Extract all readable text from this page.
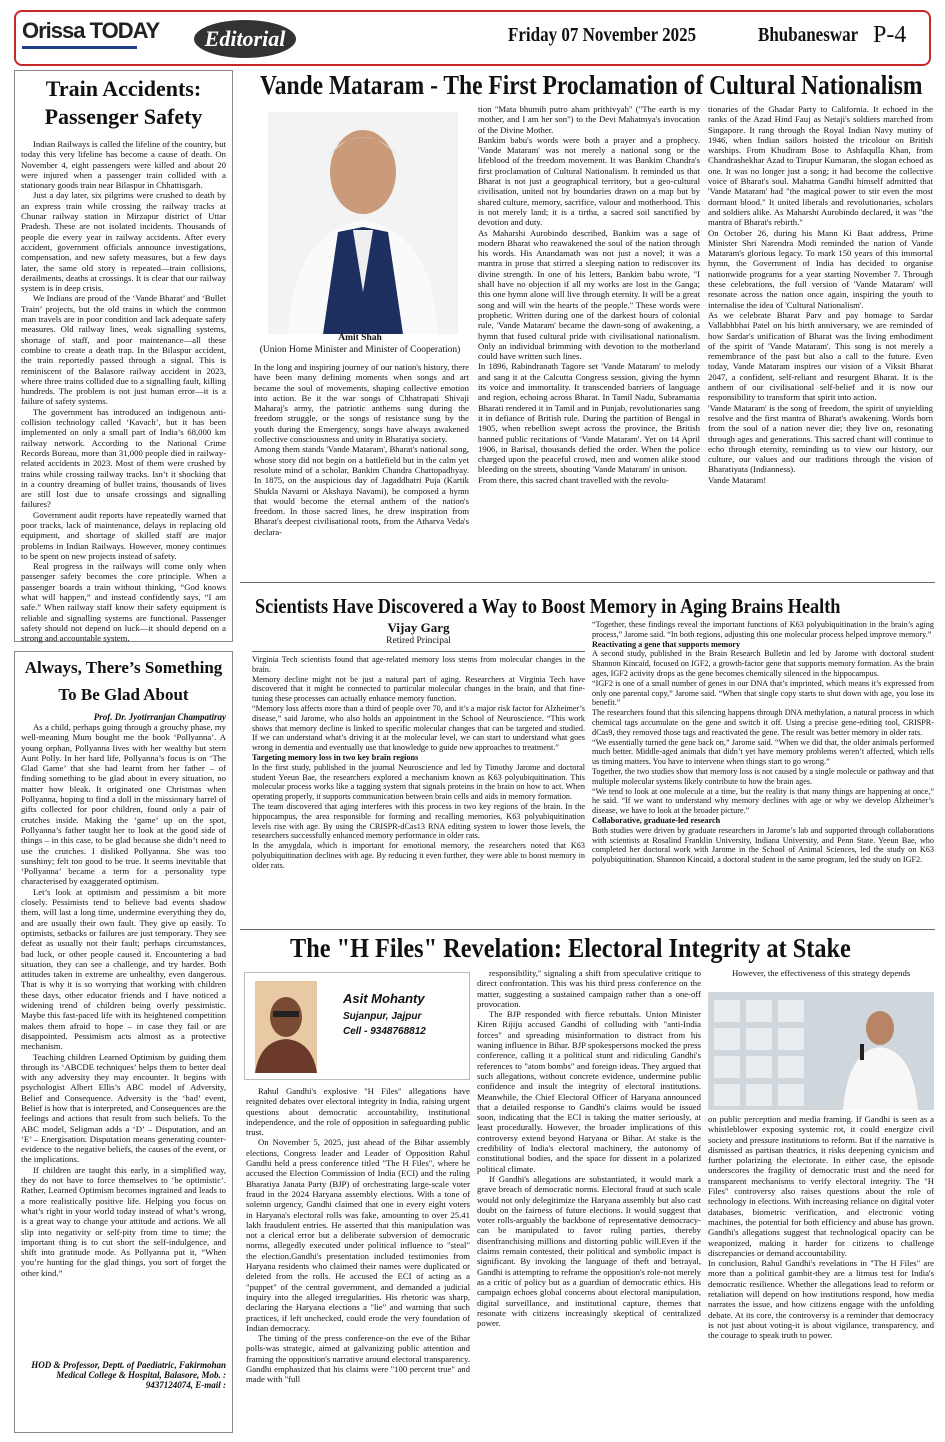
Orissa TODAY	Editorial	Friday 07 November 2025	Bhubaneswar P-4
Train Accidents:
Passenger Safety

Indian Railways is called the lifeline of the country, but today this very lifeline has become a cause of death. On November 4, eight passengers were killed and about 20 were injured when a passenger train collided with a stationary goods train near Bilaspur in Chhattisgarh.

Just a day later, six pilgrims were crushed to death by an express train while crossing the railway tracks at Chunar railway station in Mirzapur district of Uttar Pradesh. These are not isolated incidents. Thousands of people die every year in railway accidents. After every accident, government officials announce investigations, compensation, and new safety measures, but a few days later, the same old story is repeated—train collisions, derailments, deaths at crossings. It is clear that our railway system is in deep crisis.

We Indians are proud of the ‘Vande Bharat’ and ‘Bullet Train’ projects, but the old trains in which the common man travels are in poor condition and lack adequate safety measures. Old railway lines, weak signalling systems, shortage of staff, and poor maintenance—all these combine to create a death trap. In the Bilaspur accident, the train reportedly passed through a signal. This is reminiscent of the Balasore railway accident in 2023, where three trains collided due to a signalling fault, killing hundreds. The problem is not just human error—it is a failure of safety systems.

The government has introduced an indigenous anti-collision technology called ‘Kavach’, but it has been implemented on only a small part of India’s 68,000 km railway network. According to the National Crime Records Bureau, more than 31,000 people died in railway-related accidents in 2023. Most of them were crushed by trains while crossing railway tracks. Isn’t it shocking that in a country dreaming of bullet trains, thousands of lives are still lost due to unsafe crossings and signalling failures?

Government audit reports have repeatedly warned that poor tracks, lack of maintenance, delays in replacing old equipment, and shortage of skilled staff are major problems in Indian Railways. However, money continues to be spent on new projects instead of safety.

Real progress in the railways will come only when passenger safety becomes the core principle. When a passenger boards a train without thinking, “God knows what will happen,” and instead confidently says, “I am safe.” When railway staff know their safety equipment is reliable and signalling systems are functional. Passenger safety should not depend on luck—it should depend on a strong and accountable system.

Always, There’s Something
To Be Glad About
Prof. Dr. Jyotirranjan Champatiray

As a child, perhaps going through a grouchy phase, my well-meaning Mum bought me the book ‘Pollyanna’. A young orphan, Pollyanna lives with her wealthy but stern Aunt Polly. In her hard life, Pollyanna’s focus is on ‘The Glad Game’ that she had learnt from her father – of finding something to be glad about in every situation, no matter how bleak. It originated one Christmas when Pollyanna, hoping to find a doll in the missionary barrel of gifts collected for poor children, found only a pair of crutches inside. Making the ‘game’ up on the spot, Pollyanna’s father taught her to look at the good side of things – in this case, to be glad because she didn’t need to use the crutches. I disliked Pollyanna. She was too sunshiny; felt too good to be true. It seems inevitable that ‘Pollyanna’ became a term for a personality type characterised by exaggerated optimism.

Let’s look at optimism and pessimism a bit more closely. Pessimists tend to believe bad events shadow them, will last a long time, undermine everything they do, and are usually their own fault. They give up easily. To optimists, setbacks or failures are just temporary. They see defeat as usually not their fault; perhaps circumstances, bad luck, or other people caused it. Encountering a bad situation, they can see a challenge, and try harder. Both attitudes taken in extreme are unhealthy, even dangerous. That is why it is so worrying that working with children these days, other educator friends and I have noticed a widening trend of children being overly pessimistic. Maybe this fast-paced life with its heightened competition makes them afraid to hope – in case they fail or are disappointed. Pessimism acts almost as a protective mechanism.

Teaching children Learned Optimism by guiding them through its ‘ABCDE techniques’ helps them to better deal with any adversity they may encounter. It begins with psychologist Albert Ellis’s ABC model of Adversity, Belief and Consequence. Adversity is the ‘bad’ event, Belief is how that is interpreted, and Consequences are the feelings and actions that result from such beliefs. To the ABC model, Seligman adds a ‘D’ – Disputation, and an ‘E’ – Energisation. Disputation means generating counter-evidence to the negative beliefs, the causes of the event, or the implications.

If children are taught this early, in a simplified way, they do not have to force themselves to ‘be optimistic’. Rather, Learned Optimism becomes ingrained and leads to a more realistically positive life. Helping you focus on what’s right in your world today instead of what’s wrong, is a great way to change your attitude and actions. We all slip into negativity or self-pity from time to time; the important thing is to cut short the self-indulgence, and shift into gratitude mode. As Pollyanna put it, “When you’re hunting for the glad things, you sort of forget the other kind.”

HOD & Professor, Deptt. of Paediatric, Fakirmohan Medical College & Hospital, Balasore, Mob. : 9437124074, E-mail :
Vande Mataram - The First Proclamation of Cultural Nationalism
Amit Shah
(Union Home Minister and Minister of Cooperation)

In the long and inspiring journey of our nation's history, there have been many defining moments when songs and art became the soul of movements, shaping collective emotion into action. Be it the war songs of Chhatrapati Shivaji Maharaj's army, the patriotic anthems sung during the freedom struggle, or the songs of resistance sung by the youth during the Emergency, songs have always awakened collective consciousness and unity in Bharatiya society.

Among them stands 'Vande Mataram', Bharat's national song, whose story did not begin on a battlefield but in the calm yet resolute mind of a scholar, Bankim Chandra Chattopadhyay. In 1875, on the auspicious day of Jagaddhatri Puja (Kartik Shukla Navami or Akshaya Navami), he composed a hymn that would become the eternal anthem of the nation's freedom. In those sacred lines, he drew inspiration from Bharat's deepest civilisational roots, from the Atharva Veda's declara-

tion "Mata bhumih putro aham prithivyah" ("The earth is my mother, and I am her son") to the Devi Mahatmya's invocation of the Divine Mother.

Bankim babu's words were both a prayer and a prophecy. 'Vande Mataram' was not merely a national song or the lifeblood of the freedom movement. It was Bankim Chandra's first proclamation of Cultural Nationalism. It reminded us that Bharat is not just a geographical territory, but a geo-cultural civilisation, united not by boundaries drawn on a map but by shared culture, memory, sacrifice, valour and motherhood. This is not merely land; it is a tirtha, a sacred soil sanctified by devotion and duty.

As Maharshi Aurobindo described, Bankim was a sage of modern Bharat who reawakened the soul of the nation through his words. His Anandamath was not just a novel; it was a mantra in prose that stirred a sleeping nation to rediscover its divine strength. In one of his letters, Bankim babu wrote, "I shall have no objection if all my works are lost in the Ganga; this one hymn alone will live through eternity. It will be a great song and will win the hearts of the people." These words were prophetic. Written during one of the darkest hours of colonial rule, 'Vande Mataram' became the dawn-song of awakening, a hymn that fused cultural pride with civilisational nationalism. Only an individual brimming with devotion to the motherland could have written such lines.

In 1896, Rabindranath Tagore set 'Vande Mataram' to melody and sang it at the Calcutta Congress session, giving the hymn its voice and immortality. It transcended barriers of language and region, echoing across Bharat. In Tamil Nadu, Subramania Bharati rendered it in Tamil and in Punjab, revolutionaries sang it in defiance of British rule. During the partition of Bengal in 1905, when rebellion swept across the province, the British banned public recitations of 'Vande Mataram'. Yet on 14 April 1906, in Barisal, thousands defied the order. When the police charged upon the peaceful crowd, men and women alike stood bleeding on the streets, shouting 'Vande Mataram' in unison.

From there, this sacred chant travelled with the revolu-

tionaries of the Ghadar Party to California. It echoed in the ranks of the Azad Hind Fauj as Netaji's soldiers marched from Singapore. It rang through the Royal Indian Navy mutiny of 1946, when Indian sailors hoisted the tricolour on British warships. From Khudiram Bose to Ashfaqulla Khan, from Chandrashekhar Azad to Tirupur Kumaran, the slogan echoed as one. It was no longer just a song; it had become the collective voice of Bharat's soul. Mahatma Gandhi himself admitted that 'Vande Mataram' had "the magical power to stir even the most dormant blood." It united liberals and revolutionaries, scholars and soldiers alike. As Maharshi Aurobindo declared, it was "the mantra of Bharat's rebirth."

On October 26, during his Mann Ki Baat address, Prime Minister Shri Narendra Modi reminded the nation of Vande Mataram's glorious legacy. To mark 150 years of this immortal hymn, the Government of India has decided to organise nationwide programs for a year starting November 7. Through these celebrations, the full version of 'Vande Mataram' will resonate across the nation once again, inspiring the youth to internalise the idea of 'Cultural Nationalism'.

As we celebrate Bharat Parv and pay homage to Sardar Vallabhbhai Patel on his birth anniversary, we are reminded of how Sardar's unification of Bharat was the living embodiment of the spirit of 'Vande Mataram'. This song is not merely a remembrance of the past but also a call to the future. Even today, Vande Mataram inspires our vision of a Viksit Bharat 2047, a confident, self-reliant and resurgent Bharat. It is the anthem of our civilisational self-belief and it is now our responsibility to transform that spirit into action.

'Vande Mataram' is the song of freedom, the spirit of unyielding resolve and the first mantra of Bharat's awakening. Words born from the soul of a nation never die; they live on, resonating through ages and generations. This sacred chant will continue to echo through eternity, reminding us to view our history, our culture, our values and our traditions through the vision of Bharatiyata (Indianness).

Vande Mataram!

Scientists Have Discovered a Way to Boost Memory in Aging Brains Health
Vijay Garg
Retired Principal

Virginia Tech scientists found that age-related memory loss stems from molecular changes in the brain.

Memory decline might not be just a natural part of aging. Researchers at Virginia Tech have discovered that it might be connected to particular molecular changes in the brain, and that fine-tuning these processes can actually enhance memory function.

“Memory loss affects more than a third of people over 70, and it’s a major risk factor for Alzheimer’s disease,” said Jarome, who also holds an appointment in the School of Neuroscience. “This work shows that memory decline is linked to specific molecular changes that can be targeted and studied. If we can understand what’s driving it at the molecular level, we can start to understand what goes wrong in dementia and eventually use that knowledge to guide new approaches to treatment.”

Targeting memory loss in two key brain regions

In the first study, published in the journal Neuroscience and led by Timothy Jarome and doctoral student Yeeun Bae, the researchers explored a mechanism known as K63 polyubiquitination. This molecular process works like a tagging system that signals proteins in the brain on how to act. When operating properly, it supports communication between brain cells and aids in memory formation.

The team discovered that aging interferes with this process in two key regions of the brain. In the hippocampus, the area responsible for forming and recalling memories, K63 polyubiquitination levels rise with age. By using the CRISPR-dCas13 RNA editing system to lower those levels, the researchers successfully enhanced memory performance in older rats.

In the amygdala, which is important for emotional memory, the researchers noted that K63 polyubiquitination declines with age. By reducing it even further, they were able to boost memory in older rats.

“Together, these findings reveal the important functions of K63 polyubiquitination in the brain’s aging process,” Jarome said. “In both regions, adjusting this one molecular process helped improve memory.”

Reactivating a gene that supports memory

A second study, published in the Brain Research Bulletin and led by Jarome with doctoral student Shannon Kincaid, focused on IGF2, a growth-factor gene that supports memory formation. As the brain ages, IGF2 activity drops as the gene becomes chemically silenced in the hippocampus.

“IGF2 is one of a small number of genes in our DNA that’s imprinted, which means it’s expressed from only one parental copy,” Jarome said. “When that single copy starts to shut down with age, you lose its benefit.”

The researchers found that this silencing happens through DNA methylation, a natural process in which chemical tags accumulate on the gene and switch it off. Using a precise gene-editing tool, CRISPR-dCas9, they removed those tags and reactivated the gene. The result was better memory in older rats.

“We essentially turned the gene back on,” Jarome said. “When we did that, the older animals performed much better. Middle-aged animals that didn’t yet have memory problems weren’t affected, which tells us timing matters. You have to intervene when things start to go wrong.”

Together, the two studies show that memory loss is not caused by a single molecule or pathway and that multiple molecular systems likely contribute to how the brain ages.

“We tend to look at one molecule at a time, but the reality is that many things are happening at once,” he said. “If we want to understand why memory declines with age or why we develop Alzheimer’s disease, we have to look at the broader picture.”

Collaborative, graduate-led research

Both studies were driven by graduate researchers in Jarome’s lab and supported through collaborations with scientists at Rosalind Franklin University, Indiana University, and Penn State. Yeeun Bae, who completed her doctoral work with Jarome in the School of Animal Sciences, led the study on K63 polyubiquitination. Shannon Kincaid, a doctoral student in the same program, led the study on IGF2.

The "H Files" Revelation: Electoral Integrity at Stake
Asit Mohanty
Sujanpur, Jajpur
Cell - 9348768812

Rahul Gandhi's explosive "H Files" allegations have reignited debates over electoral integrity in India, raising urgent questions about democratic accountability, institutional independence, and the role of opposition in safeguarding public trust.

On November 5, 2025, just ahead of the Bihar assembly elections, Congress leader and Leader of Opposition Rahul Gandhi held a press conference titled "The H Files", where he accused the Election Commission of India (ECI) and the ruling Bharatiya Janata Party (BJP) of orchestrating large-scale voter fraud in the 2024 Haryana assembly elections. With a tone of solemn urgency, Gandhi claimed that one in every eight voters in Haryana's electoral rolls was fake, amounting to over 25.41 lakh fraudulent entries. He asserted that this manipulation was not a clerical error but a deliberate subversion of democratic norms, allegedly executed under political influence to "steal" the election.Gandhi's presentation included testimonies from Haryana residents who claimed their names were duplicated or deleted from the rolls. He accused the ECI of acting as a "puppet" of the central government, and demanded a judicial inquiry into the alleged irregularities. His rhetoric was sharp, declaring the Haryana elections a "lie" and warning that such practices, if left unchecked, could erode the very foundation of Indian democracy.

The timing of the press conference-on the eve of the Bihar polls-was strategic, aimed at galvanizing public attention and framing the opposition's narrative around electoral transparency. Gandhi emphasized that his claims were "100 percent true" and made with "full

responsibility," signaling a shift from speculative critique to direct confrontation. This was his third press conference on the matter, suggesting a sustained campaign rather than a one-off provocation.

The BJP responded with fierce rebuttals. Union Minister Kiren Rijiju accused Gandhi of colluding with "anti-India forces" and spreading misinformation to distract from his waning influence in Bihar. BJP spokespersons mocked the press conference, calling it a political stunt and ridiculing Gandhi's references to "atom bombs" and foreign ideas. They argued that such allegations, without concrete evidence, undermine public confidence and insult the integrity of electoral institutions. Meanwhile, the Chief Electoral Officer of Haryana announced that a detailed response to Gandhi's claims would be issued soon, indicating that the ECI is taking the matter seriously, at least procedurally. However, the broader implications of this controversy extend beyond Haryana or Bihar. At stake is the credibility of India's electoral machinery, the autonomy of constitutional bodies, and the space for dissent in a polarized political climate.

If Gandhi's allegations are substantiated, it would mark a grave breach of democratic norms. Electoral fraud at such scale would not only delegitimize the Haryana assembly but also cast doubt on the fairness of future elections. It would suggest that voter rolls-arguably the backbone of representative democracy-can be manipulated to favor ruling parties, thereby disenfranchising millions and distorting public will.Even if the claims remain contested, their political and symbolic impact is significant. By invoking the language of theft and betrayal, Gandhi is attempting to reframe the opposition's role-not merely as a critic of policy but as a guardian of democratic ethics. His campaign echoes global concerns about electoral manipulation, digital surveillance, and institutional capture, themes that resonate with citizens increasingly skeptical of centralized power.

However, the effectiveness of this strategy depends

on public perception and media framing. If Gandhi is seen as a whistleblower exposing systemic rot, it could energize civil society and pressure institutions to reform. But if the narrative is dismissed as partisan theatrics, it risks deepening cynicism and further polarizing the electorate. In either case, the episode underscores the fragility of democratic trust and the need for transparent mechanisms to verify electoral integrity. The "H Files" controversy also raises questions about the role of technology in elections. With increasing reliance on digital voter databases, biometric verification, and electronic voting machines, the potential for both efficiency and abuse has grown. Gandhi's allegations suggest that technological opacity can be weaponized, making it harder for citizens to challenge discrepancies or demand accountability.

In conclusion, Rahul Gandhi's revelations in "The H Files" are more than a political gambit-they are a litmus test for India's democratic resilience. Whether the allegations lead to reform or retaliation will depend on how institutions respond, how media narrates the issue, and how citizens engage with the unfolding debate. At its core, the controversy is a reminder that democracy is not just about voting-it is about vigilance, transparency, and the courage to speak truth to power.
